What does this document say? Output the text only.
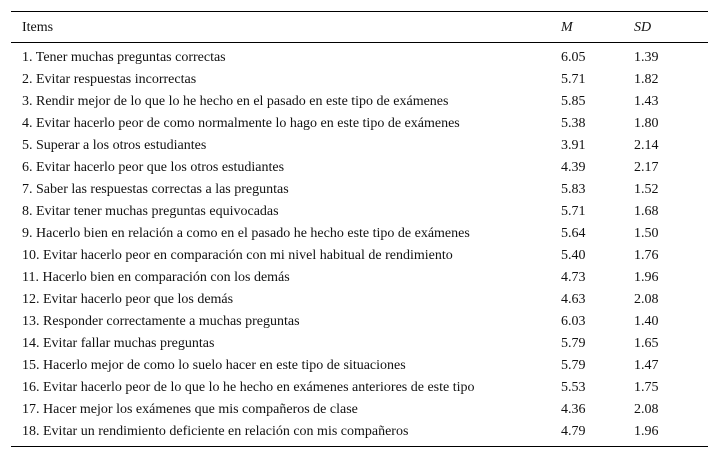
Items	M	SD
1. Tener muchas preguntas correctas	6.05	1.39
2. Evitar respuestas incorrectas	5.71	1.82
3. Rendir mejor de lo que lo he hecho en el pasado en este tipo de exámenes	5.85	1.43
4. Evitar hacerlo peor de como normalmente lo hago en este tipo de exámenes	5.38	1.80
5. Superar a los otros estudiantes	3.91	2.14
6. Evitar hacerlo peor que los otros estudiantes	4.39	2.17
7. Saber las respuestas correctas a las preguntas	5.83	1.52
8. Evitar tener muchas preguntas equivocadas	5.71	1.68
9. Hacerlo bien en relación a como en el pasado he hecho este tipo de exámenes	5.64	1.50
10. Evitar hacerlo peor en comparación con mi nivel habitual de rendimiento	5.40	1.76
11. Hacerlo bien en comparación con los demás	4.73	1.96
12. Evitar hacerlo peor que los demás	4.63	2.08
13. Responder correctamente a muchas preguntas	6.03	1.40
14. Evitar fallar muchas preguntas	5.79	1.65
15. Hacerlo mejor de como lo suelo hacer en este tipo de situaciones	5.79	1.47
16. Evitar hacerlo peor de lo que lo he hecho en exámenes anteriores de este tipo	5.53	1.75
17. Hacer mejor los exámenes que mis compañeros de clase	4.36	2.08
18. Evitar un rendimiento deficiente en relación con mis compañeros	4.79	1.96
